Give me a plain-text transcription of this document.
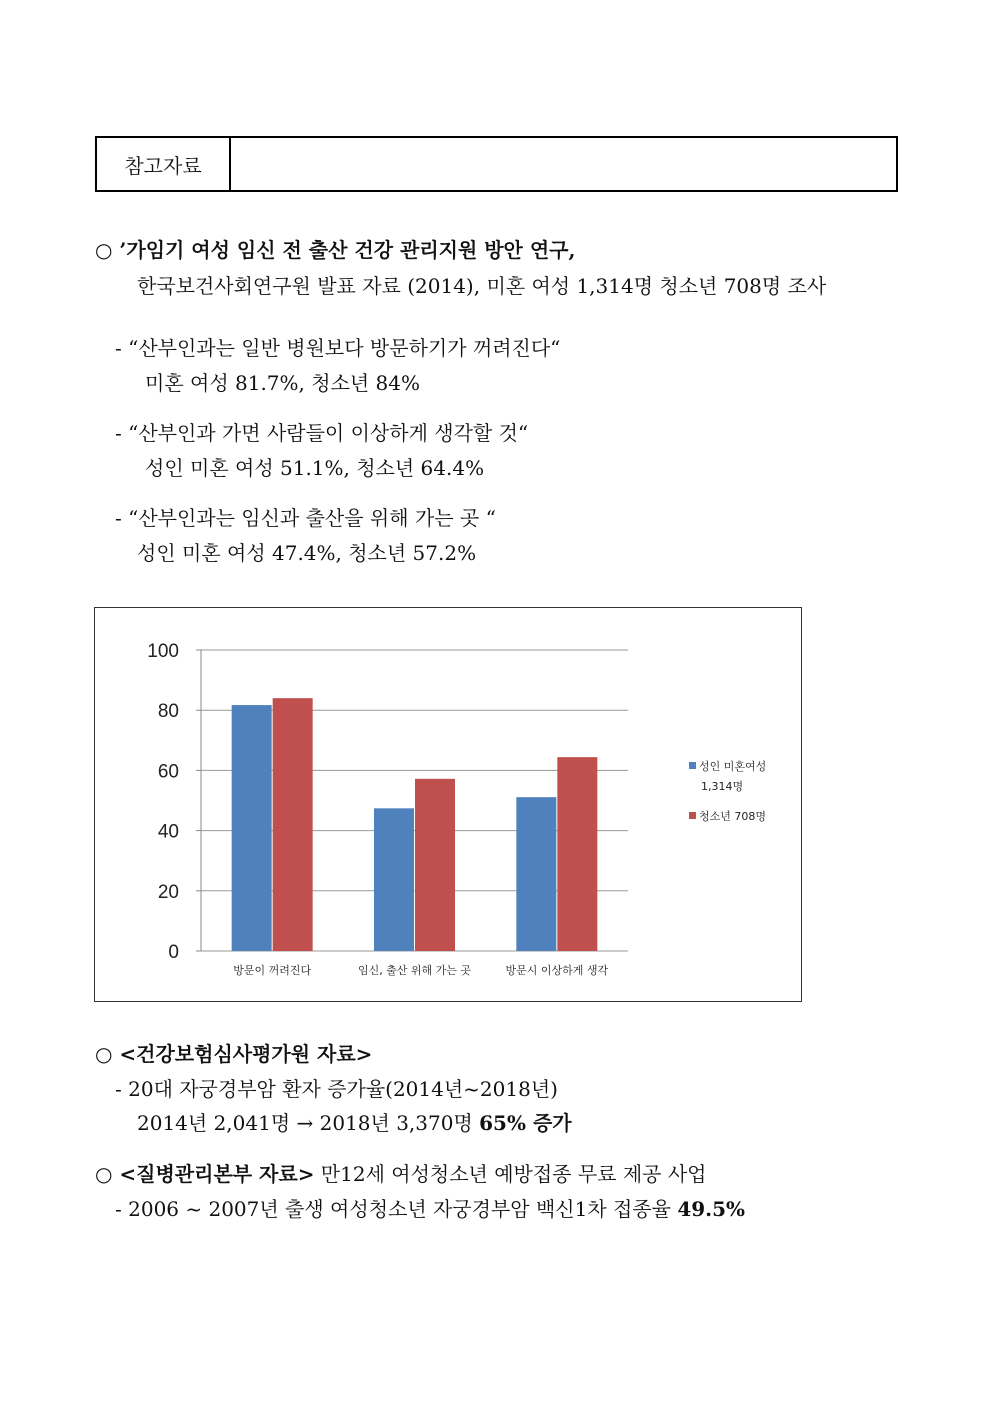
참고자료
○ ’가임기 여성 임신 전 출산 건강 관리지원 방안 연구,
한국보건사회연구원 발표 자료 (2014), 미혼 여성 1,314명 청소년 708명 조사
- “산부인과는 일반 병원보다 방문하기가 꺼려진다“
미혼 여성 81.7%, 청소년 84%
- “산부인과 가면 사람들이 이상하게 생각할 것“
성인 미혼 여성 51.1%, 청소년 64.4%
- “산부인과는 임신과 출산을 위해 가는 곳 “
성인 미혼 여성 47.4%, 청소년 57.2%
0
20
40
60
80
100
방문이 꺼려진다	임신, 출산 위해 가는 곳	방문시 이상하게 생각
성인 미혼여성
1,314명
청소년 708명
○ <건강보험심사평가원 자료>
- 20대 자궁경부암 환자 증가율(2014년~2018년)
2014년 2,041명 → 2018년 3,370명 65% 증가
○ <질병관리본부 자료> 만12세 여성청소년 예방접종 무료 제공 사업
- 2006 ~ 2007년 출생 여성청소년 자궁경부암 백신1차 접종율 49.5%
